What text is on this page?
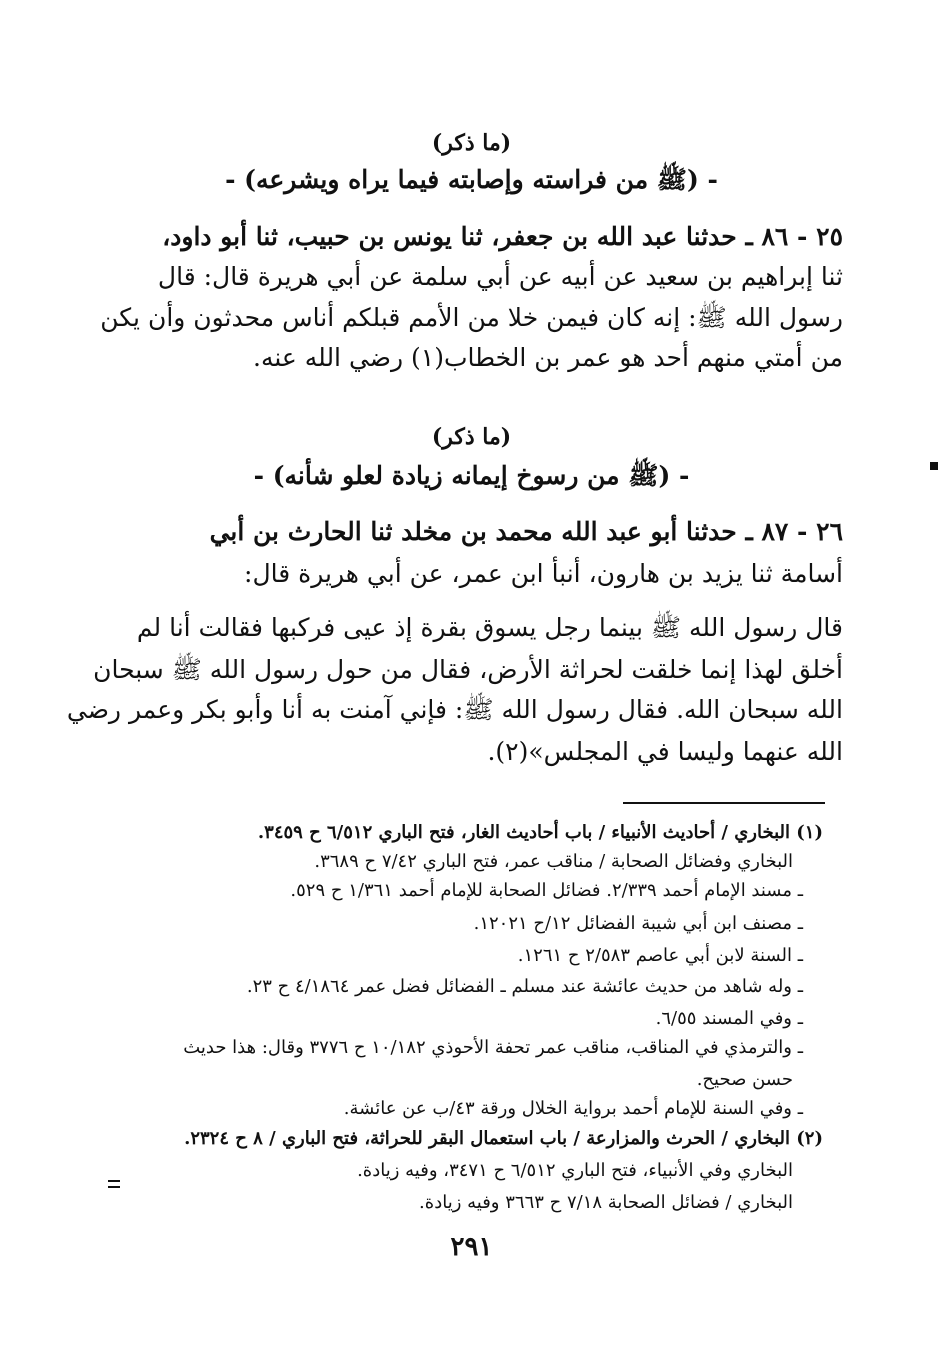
(ما ذكر)
- (ﷺ من فراسته وإصابته فيما يراه ويشرعه) -
٢٥ - ٨٦ ـ حدثنا عبد الله بن جعفر، ثنا يونس بن حبيب، ثنا أبو داود،
ثنا إبراهيم بن سعيد عن أبيه عن أبي سلمة عن أبي هريرة قال: قال
رسول الله ﷺ: إنه كان فيمن خلا من الأمم قبلكم أناس محدثون وأن يكن
من أمتي منهم أحد هو عمر بن الخطاب(١) رضي الله عنه.
(ما ذكر)
- (ﷺ من رسوخ إيمانه زيادة لعلو شأنه) -
٢٦ - ٨٧ ـ حدثنا أبو عبد الله محمد بن مخلد ثنا الحارث بن أبي
أسامة ثنا يزيد بن هارون، أنبأ ابن عمر، عن أبي هريرة قال:
قال رسول الله ﷺ بينما رجل يسوق بقرة إذ عيى فركبها فقالت أنا لم
أخلق لهذا إنما خلقت لحراثة الأرض، فقال من حول رسول الله ﷺ سبحان
الله سبحان الله. فقال رسول الله ﷺ: فإني آمنت به أنا وأبو بكر وعمر رضي
الله عنهما وليسا في المجلس»(٢).
(١) البخاري / أحاديث الأنبياء / باب أحاديث الغار، فتح الباري ٦/٥١٢ ح ٣٤٥٩.
البخاري وفضائل الصحابة / مناقب عمر، فتح الباري ٧/٤٢ ح ٣٦٨٩.
ـ مسند الإمام أحمد ٢/٣٣٩. فضائل الصحابة للإمام أحمد ١/٣٦١ ح ٥٢٩.
ـ مصنف ابن أبي شيبة الفضائل ١٢/ح ١٢٠٢١.
ـ السنة لابن أبي عاصم ٢/٥٨٣ ح ١٢٦١.
ـ وله شاهد من حديث عائشة عند مسلم ـ الفضائل فضل عمر ٤/١٨٦٤ ح ٢٣.
ـ وفي المسند ٦/٥٥.
ـ والترمذي في المناقب، مناقب عمر تحفة الأحوذي ١٠/١٨٢ ح ٣٧٧٦ وقال: هذا حديث
حسن صحيح.
ـ وفي السنة للإمام أحمد برواية الخلال ورقة ٤٣/ب عن عائشة.
(٢) البخاري / الحرث والمزارعة / باب استعمال البقر للحراثة، فتح الباري / ٨ ح ٢٣٢٤.
البخاري وفي الأنبياء، فتح الباري ٦/٥١٢ ح ٣٤٧١، وفيه زيادة.
البخاري / فضائل الصحابة ٧/١٨ ح ٣٦٦٣ وفيه زيادة.
٢٩١
